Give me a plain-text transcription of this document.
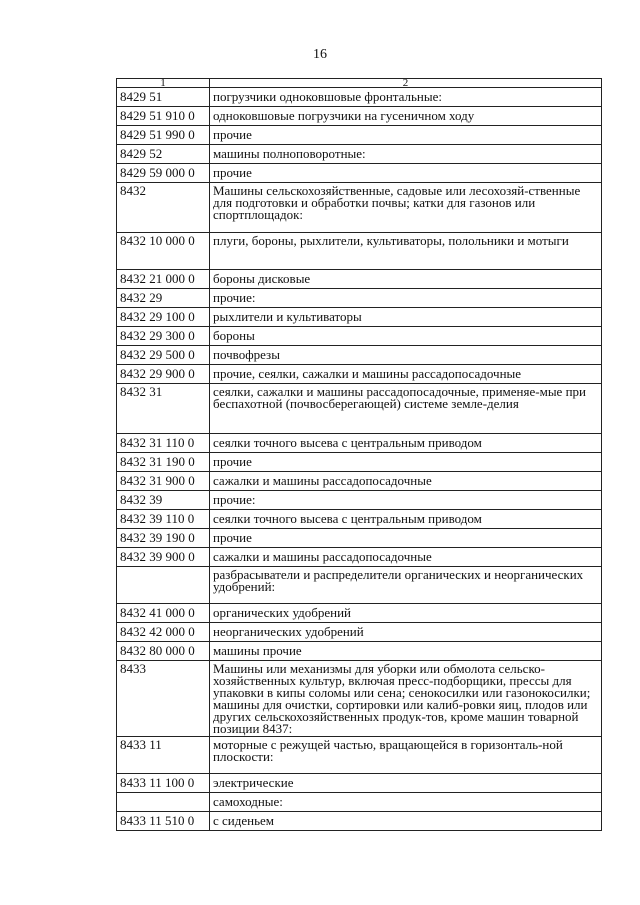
16
1	2
8429 51	погрузчики одноковшовые фронтальные:
8429 51 910 0	одноковшовые погрузчики на гусеничном ходу
8429 51 990 0	прочие
8429 52	машины полноповоротные:
8429 59 000 0	прочие
8432	Машины сельскохозяйственные, садовые или лесохозяй-ственные для подготовки и обработки почвы; катки для газонов или спортплощадок:
8432 10 000 0	плуги, бороны, рыхлители, культиваторы, полольники и мотыги
8432 21 000 0	бороны дисковые
8432 29	прочие:
8432 29 100 0	рыхлители и культиваторы
8432 29 300 0	бороны
8432 29 500 0	почвофрезы
8432 29 900 0	прочие, сеялки, сажалки и машины рассадопосадочные
8432 31	сеялки, сажалки и машины рассадопосадочные, применяе-мые при беспахотной (почвосберегающей) системе земле-делия
8432 31 110 0	сеялки точного высева с центральным приводом
8432 31 190 0	прочие
8432 31 900 0	сажалки и машины рассадопосадочные
8432 39	прочие:
8432 39 110 0	сеялки точного высева с центральным приводом
8432 39 190 0	прочие
8432 39 900 0	сажалки и машины рассадопосадочные
	разбрасыватели и распределители органических и неорганических удобрений:
8432 41 000 0	органических удобрений
8432 42 000 0	неорганических удобрений
8432 80 000 0	машины прочие
8433	Машины или механизмы для уборки или обмолота сельско-хозяйственных культур, включая пресс-подборщики, прессы для упаковки в кипы соломы или сена; сенокосилки или газонокосилки; машины для очистки, сортировки или калиб-ровки яиц, плодов или других сельскохозяйственных продук-тов, кроме машин товарной позиции 8437:
8433 11	моторные с режущей частью, вращающейся в горизонталь-ной плоскости:
8433 11 100 0	электрические
	самоходные:
8433 11 510 0	с сиденьем
